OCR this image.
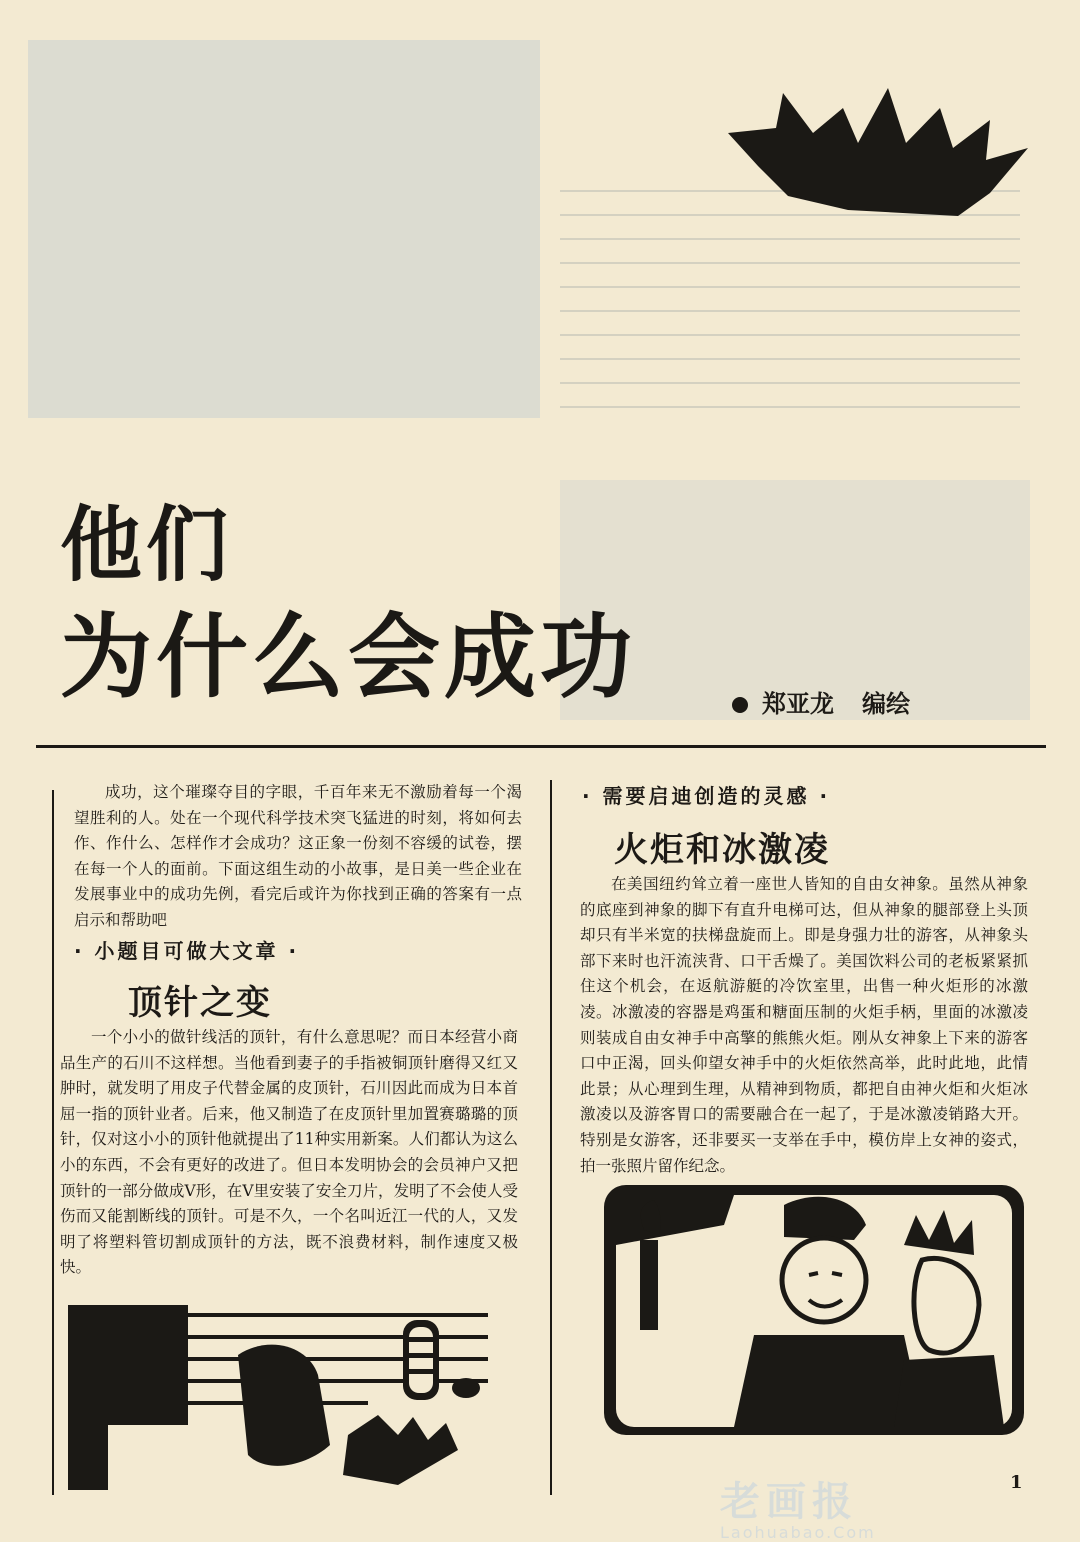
他们
为什么会成功	郑亚龙 编绘
成功，这个璀璨夺目的字眼，千百年来无不激励着每一个渴望胜利的人。处在一个现代科学技术突飞猛进的时刻，将如何去作、作什么、怎样作才会成功？这正象一份刻不容缓的试卷，摆在每一个人的面前。下面这组生动的小故事，是日美一些企业在发展事业中的成功先例，看完后或许为你找到正确的答案有一点启示和帮助吧
· 小题目可做大文章 ·
顶针之变
一个小小的做针线活的顶针，有什么意思呢？而日本经营小商品生产的石川不这样想。当他看到妻子的手指被铜顶针磨得又红又肿时，就发明了用皮子代替金属的皮顶针，石川因此而成为日本首屈一指的顶针业者。后来，他又制造了在皮顶针里加置赛璐璐的顶针，仅对这小小的顶针他就提出了11种实用新案。人们都认为这么小的东西，不会有更好的改进了。但日本发明协会的会员神户又把顶针的一部分做成V形，在V里安装了安全刀片，发明了不会使人受伤而又能割断线的顶针。可是不久，一个名叫近江一代的人，又发明了将塑料管切割成顶针的方法，既不浪费材料，制作速度又极快。
· 需要启迪创造的灵感 ·
火炬和冰激凌
在美国纽约耸立着一座世人皆知的自由女神象。虽然从神象的底座到神象的脚下有直升电梯可达，但从神象的腿部登上头顶却只有半米宽的扶梯盘旋而上。即是身强力壮的游客，从神象头部下来时也汗流浃背、口干舌燥了。美国饮料公司的老板紧紧抓住这个机会，在返航游艇的冷饮室里，出售一种火炬形的冰激凌。冰激凌的容器是鸡蛋和糖面压制的火炬手柄，里面的冰激凌则装成自由女神手中高擎的熊熊火炬。刚从女神象上下来的游客口中正渴，回头仰望女神手中的火炬依然高举，此时此地，此情此景；从心理到生理，从精神到物质，都把自由神火炬和火炬冰激凌以及游客胃口的需要融合在一起了，于是冰激凌销路大开。特别是女游客，还非要买一支举在手中，模仿岸上女神的姿式，拍一张照片留作纪念。
老画报
Laohuabao.Com
1
